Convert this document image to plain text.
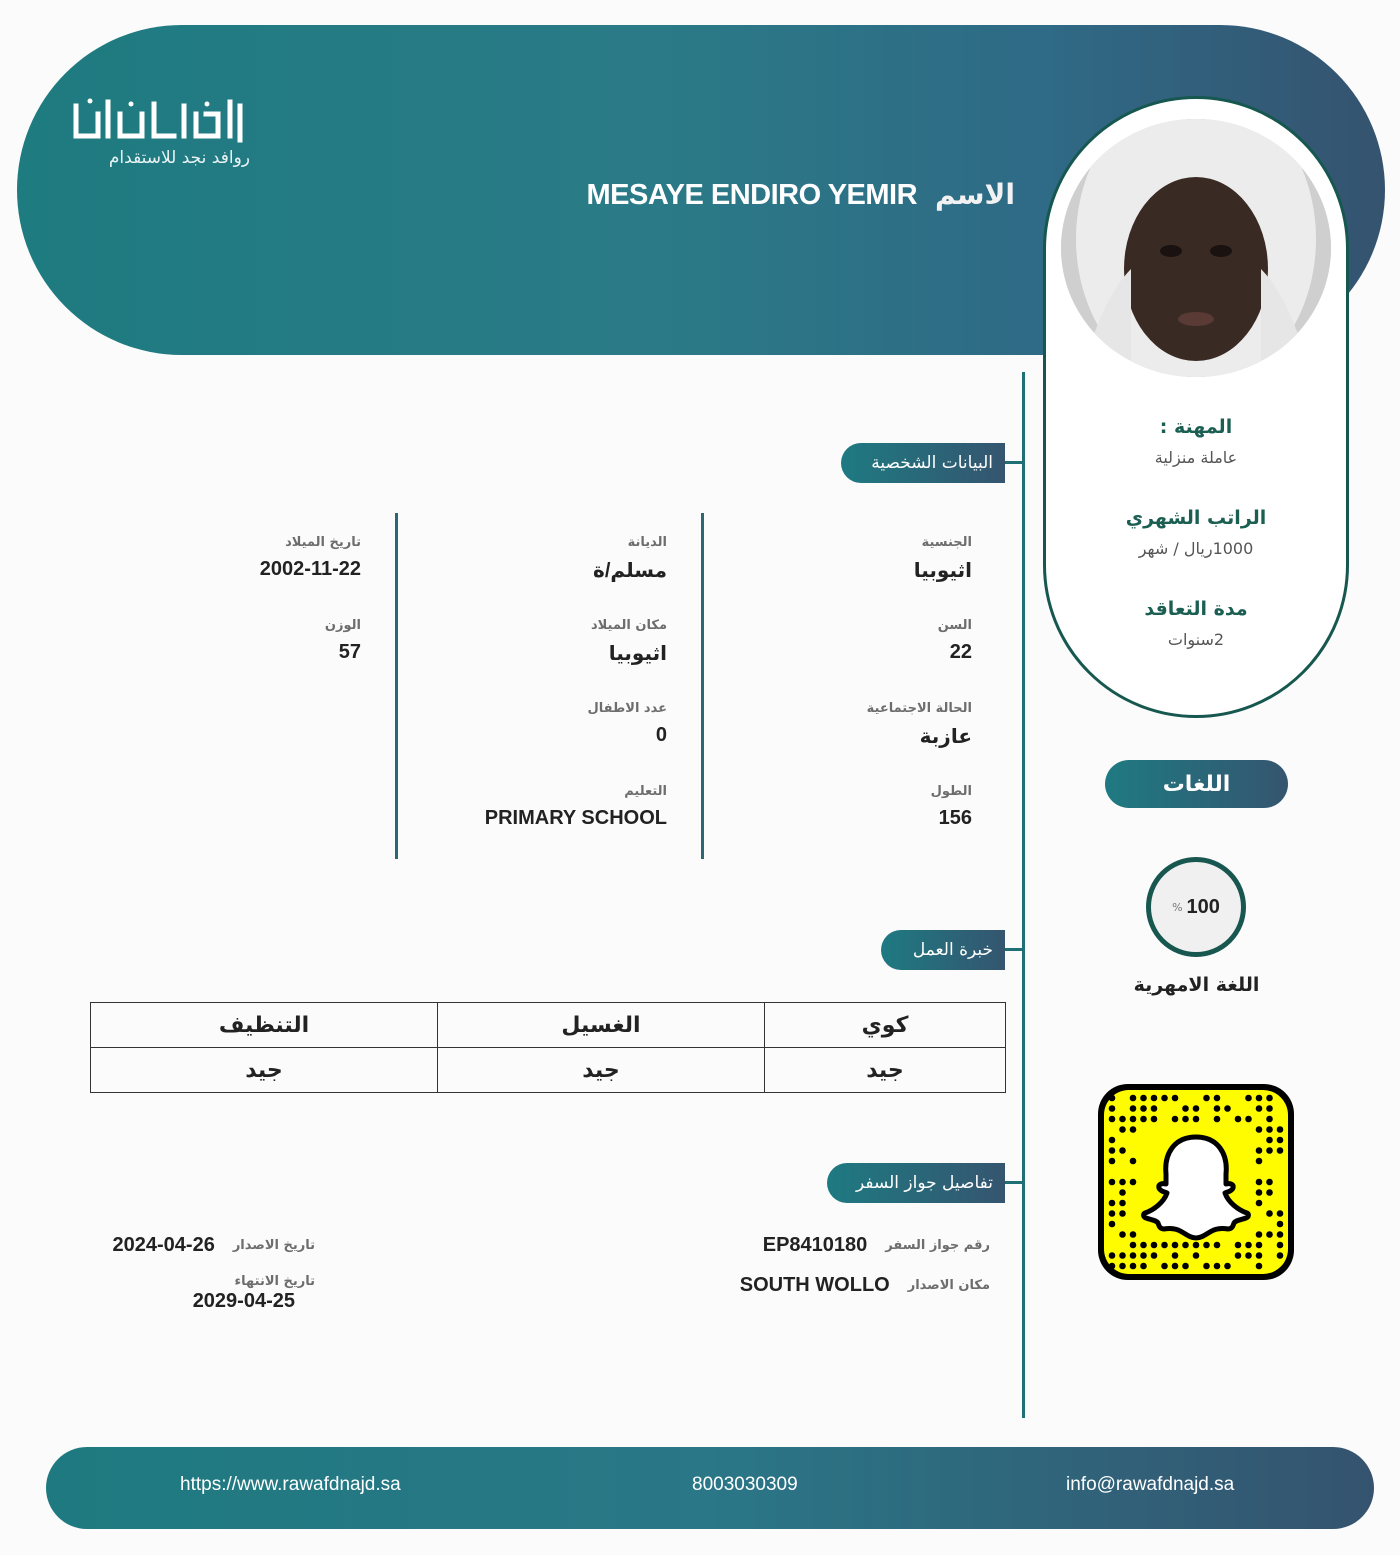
روافد نجد للاستقدام
MESAYE ENDIRO YEMIR الاسم
المهنة :
عاملة منزلية
الراتب الشهري
1000ريال / شهر
مدة التعاقد
2سنوات
البيانات الشخصية
الجنسية
اثيوبيا
السن
22
الحالة الاجتماعية
عازبة
الطول
156
الديانة
مسلم/ة
مكان الميلاد
اثيوبيا
عدد الاطفال
0
التعليم
PRIMARY SCHOOL
تاريخ الميلاد
2002-11-22
الوزن
57
خبرة العمل
كوي	الغسيل	التنظيف
جيد	جيد	جيد
تفاصيل جواز السفر
رقم جواز السفر
EP8410180
مكان الاصدار
SOUTH WOLLO
تاريخ الاصدار
2024-04-26
تاريخ الانتهاء
2029-04-25
اللغات
% 100
اللغة الامهرية
https://www.rawafdnajd.sa	8003030309	info@rawafdnajd.sa
